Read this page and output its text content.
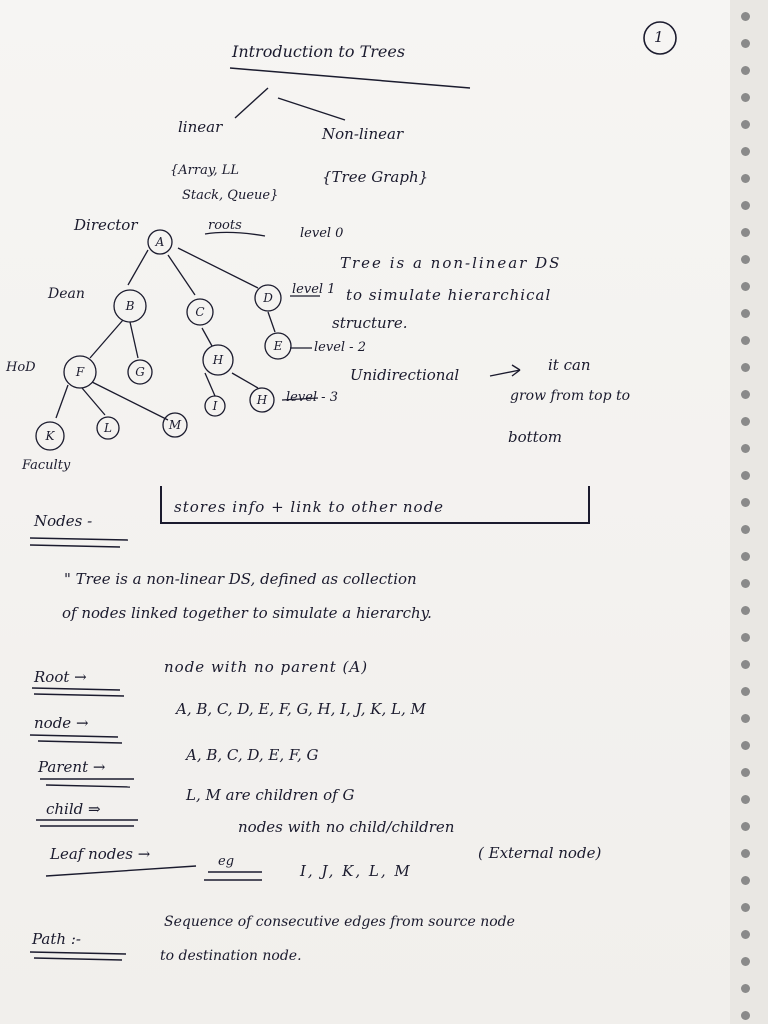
A
B	C
D
E
F	G
H
I	H
K
L	M
1
Introduction to Trees
linear	Non-linear
{Array, LL
Stack, Queue}
{Tree Graph}
Director	roots
level 0
Dean	level 1
level - 2
HoD
level - 3
Faculty
Tree is a non-linear DS
to simulate hierarchical
structure.
Unidirectional
it can
grow from top to
bottom
Nodes -
stores info + link to other node
" Tree is a non-linear DS, defined as collection
of nodes linked together to simulate a hierarchy.
Root →
node with no parent (A)
node →
A, B, C, D, E, F, G, H, I, J, K, L, M
Parent →
A, B, C, D, E, F, G
child ⇒
L, M are children of G
Leaf nodes →
nodes with no child/children
eg
I, J, K, L, M
( External node)
Path :-
Sequence of consecutive edges from source node
to destination node.
